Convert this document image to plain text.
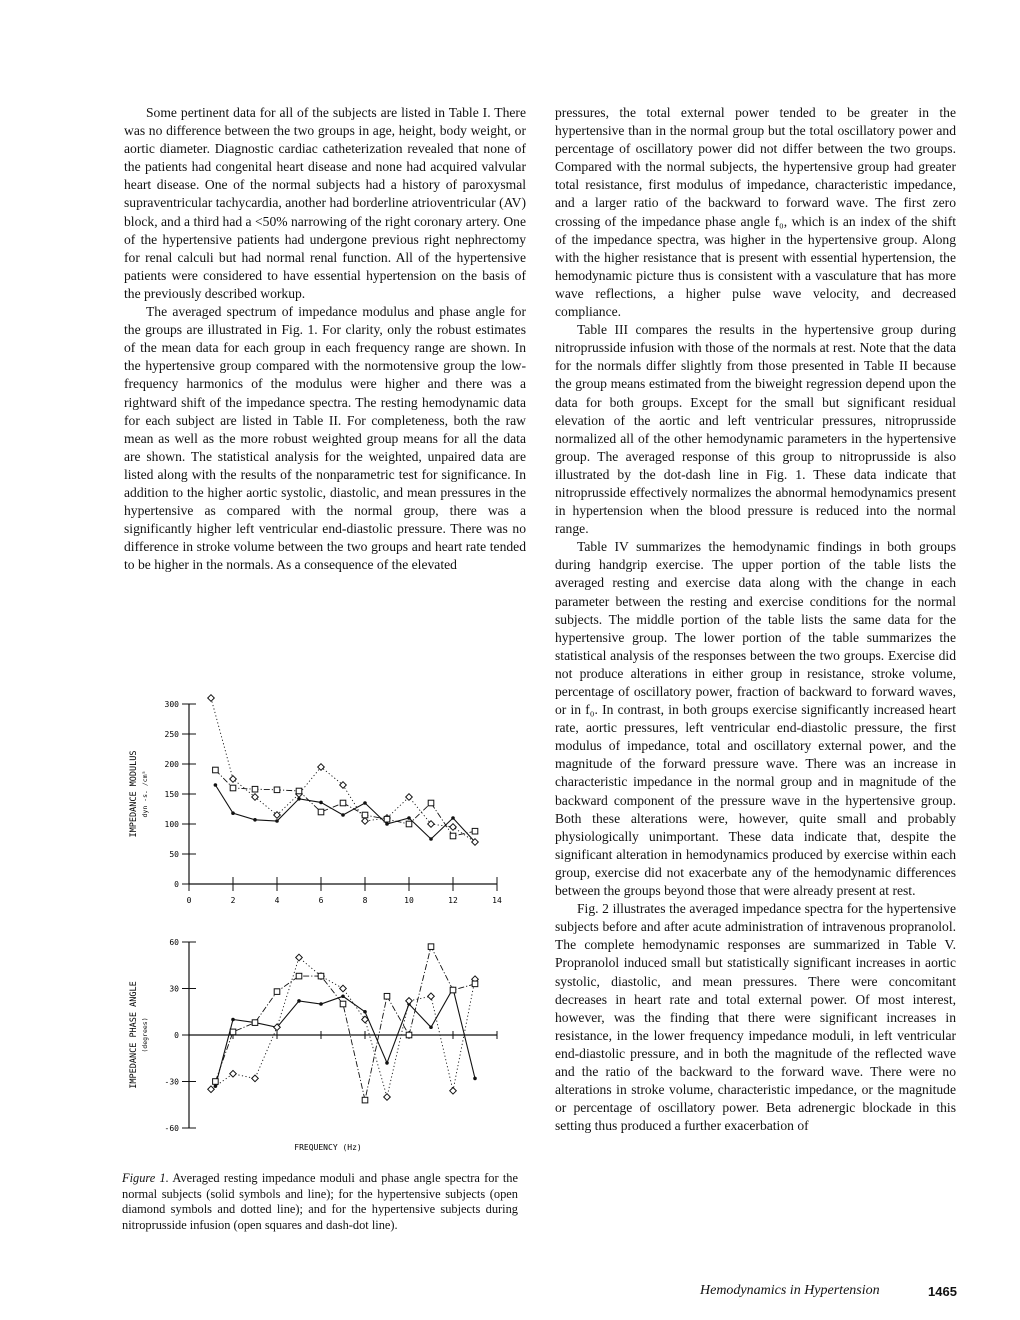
Some pertinent data for all of the subjects are listed in Table I. There was no difference between the two groups in age, height, body weight, or aortic diameter. Diagnostic cardiac catheterization revealed that none of the patients had congenital heart disease and none had acquired valvular heart disease. One of the normal subjects had a history of paroxysmal supraventricular tachycardia, another had borderline atrioventricular (AV) block, and a third had a <50% narrowing of the right coronary artery. One of the hypertensive patients had undergone previous right nephrectomy for renal calculi but had normal renal function. All of the hypertensive patients were considered to have essential hypertension on the basis of the previously described workup.

The averaged spectrum of impedance modulus and phase angle for the groups are illustrated in Fig. 1. For clarity, only the robust estimates of the mean data for each group in each frequency range are shown. In the hypertensive group compared with the normotensive group the low-frequency harmonics of the modulus were higher and there was a rightward shift of the impedance spectra. The resting hemodynamic data for each subject are listed in Table II. For completeness, both the raw mean as well as the more robust weighted group means for all the data are shown. The statistical analysis for the weighted, unpaired data are listed along with the results of the nonparametric test for significance. In addition to the higher aortic systolic, diastolic, and mean pressures in the hypertensive as compared with the normal group, there was a significantly higher left ventricular end-diastolic pressure. There was no difference in stroke volume between the two groups and heart rate tended to be higher in the normals. As a consequence of the elevated

pressures, the total external power tended to be greater in the hypertensive than in the normal group but the total oscillatory power and percentage of oscillatory power did not differ between the two groups. Compared with the normal subjects, the hypertensive group had greater total resistance, first modulus of impedance, characteristic impedance, and a larger ratio of the backward to forward wave. The first zero crossing of the impedance phase angle f₀, which is an index of the shift of the impedance spectra, was higher in the hypertensive group. Along with the higher resistance that is present with essential hypertension, the hemodynamic picture thus is consistent with a vasculature that has more wave reflections, a higher pulse wave velocity, and decreased compliance.

Table III compares the results in the hypertensive group during nitroprusside infusion with those of the normals at rest. Note that the data for the normals differ slightly from those presented in Table II because the group means estimated from the biweight regression depend upon the data for both groups. Except for the small but significant residual elevation of the aortic and left ventricular pressures, nitroprusside normalized all of the other hemodynamic parameters in the hypertensive group. The averaged response of this group to nitroprusside is also illustrated by the dot-dash line in Fig. 1. These data indicate that nitroprusside effectively normalizes the abnormal hemodynamics present in hypertension when the blood pressure is reduced into the normal range.

Table IV summarizes the hemodynamic findings in both groups during handgrip exercise. The upper portion of the table lists the averaged resting and exercise data along with the change in each parameter between the resting and exercise conditions for the normal subjects. The middle portion of the table lists the same data for the hypertensive group. The lower portion of the table summarizes the statistical analysis of the responses between the two groups. Exercise did not produce alterations in either group in resistance, stroke volume, percentage of oscillatory power, fraction of backward to forward waves, or in f₀. In contrast, in both groups exercise significantly increased heart rate, aortic pressures, left ventricular end-diastolic pressure, the first modulus of impedance, total and oscillatory external power, and the magnitude of the forward pressure wave. There was an increase in characteristic impedance in the normal group and in magnitude of the backward component of the pressure wave in the hypertensive group. Both these alterations were, however, quite small and probably physiologically unimportant. These data indicate that, despite the significant alteration in hemodynamics produced by exercise within each group, exercise did not exacerbate any of the hemodynamic differences between the groups beyond those that were already present at rest.

Fig. 2 illustrates the averaged impedance spectra for the hypertensive subjects before and after acute administration of intravenous propranolol. The complete hemodynamic responses are summarized in Table V. Propranolol induced small but statistically significant increases in aortic systolic, diastolic, and mean pressures. There were concomitant decreases in heart rate and total external power. Of most interest, however, was the finding that there were significant increases in resistance, in the lower frequency impedance moduli, in left ventricular end-diastolic pressure, and in both the magnitude of the reflected wave and the ratio of the backward to the forward wave. There were no alterations in stroke volume, characteristic impedance, or the magnitude or percentage of oscillatory power. Beta adrenergic blockade in this setting thus produced a further exacerbation of

0
50
100
150
200
250
300
0	2	4	6	8	10	12	14
IMPEDANCE MODULUS dyn -s. /cm⁵
-60
-30
0
30
60
IMPEDANCE PHASE ANGLE (degrees)
FREQUENCY (Hz)
Figure 1. Averaged resting impedance moduli and phase angle spectra for the normal subjects (solid symbols and line); for the hypertensive subjects (open diamond symbols and dotted line); and for the hypertensive subjects during nitroprusside infusion (open squares and dash-dot line).
Hemodynamics in Hypertension	1465
